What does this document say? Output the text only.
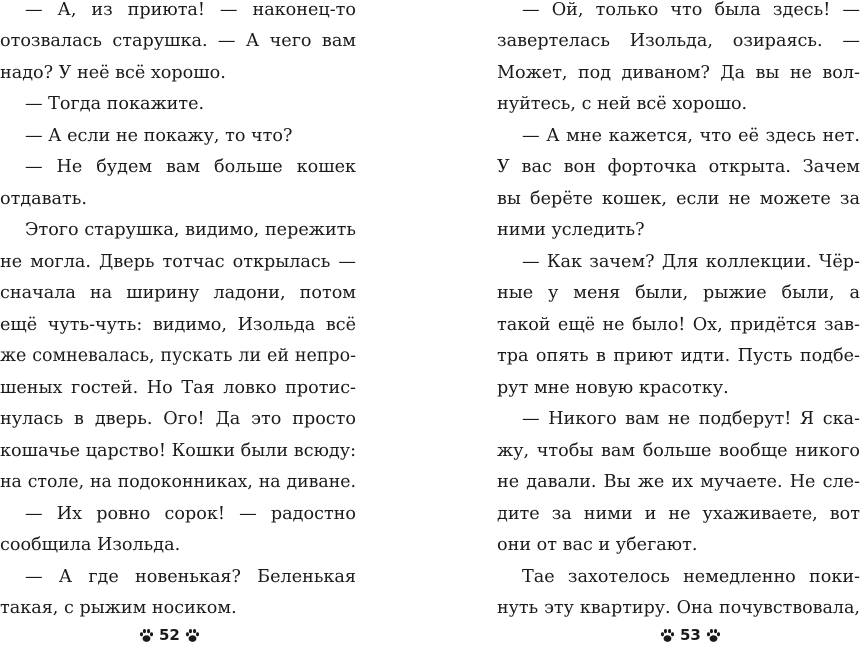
— А, из приюта! — наконец-то
отозвалась старушка. — А чего вам
надо? У неё всё хорошо.
— Тогда покажите.
— А если не покажу, то что?
— Не будем вам больше кошек
отдавать.
Этого старушка, видимо, пережить
не могла. Дверь тотчас открылась —
сначала на ширину ладони, потом
ещё чуть-чуть: видимо, Изольда всё
же сомневалась, пускать ли ей непро-
шеных гостей. Но Тая ловко протис-
нулась в дверь. Ого! Да это просто
кошачье царство! Кошки были всюду:
на столе, на подоконниках, на диване.
— Их ровно сорок! — радостно
сообщила Изольда.
— А где новенькая? Беленькая
такая, с рыжим носиком.
— Ой, только что была здесь! —
завертелась Изольда, озираясь. —
Может, под диваном? Да вы не вол-
нуйтесь, с ней всё хорошо.
— А мне кажется, что её здесь нет.
У вас вон форточка открыта. Зачем
вы берёте кошек, если не можете за
ними уследить?
— Как зачем? Для коллекции. Чёр-
ные у меня были, рыжие были, а
такой ещё не было! Ох, придётся зав-
тра опять в приют идти. Пусть подбе-
рут мне новую красотку.
— Никого вам не подберут! Я ска-
жу, чтобы вам больше вообще никого
не давали. Вы же их мучаете. Не сле-
дите за ними и не ухаживаете, вот
они от вас и убегают.
Тае захотелось немедленно поки-
нуть эту квартиру. Она почувствовала,
52	53
